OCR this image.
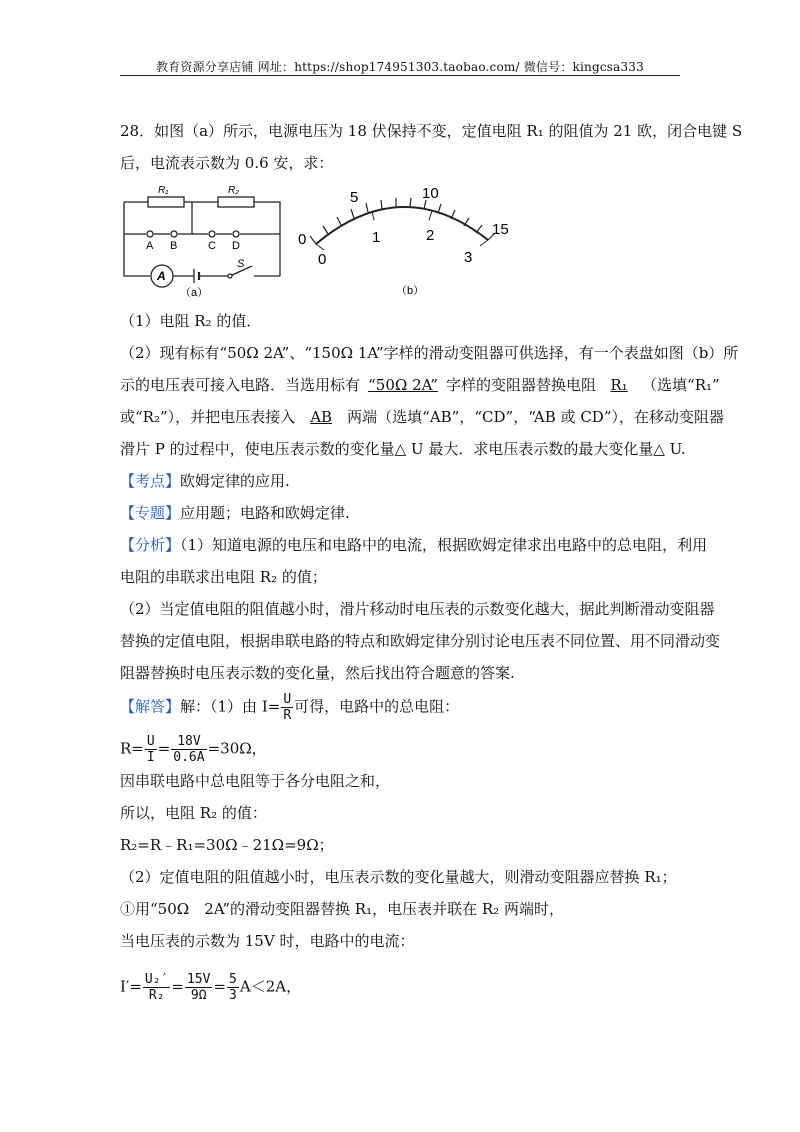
教育资源分享店铺 网址：https://shop174951303.taobao.com/ 微信号：kingcsa333
28．如图（a）所示，电源电压为 18 伏保持不变，定值电阻 R₁ 的阻值为 21 欧，闭合电键 S
后，电流表示数为 0.6 安，求：
R₁	R₂
A B	C D
A
S
（a）
0
5	10
15
0
1	2
3
（b）
（1）电阻 R₂ 的值．
（2）现有标有“50Ω 2A”、“150Ω 1A”字样的滑动变阻器可供选择，有一个表盘如图（b）所
示的电压表可接入电路．当选用标有 “50Ω 2A” 字样的变阻器替换电阻 R₁ （选填“R₁”
或“R₂”），并把电压表接入 AB 两端（选填“AB”，“CD”，“AB 或 CD”），在移动变阻器
滑片 P 的过程中，使电压表示数的变化量△ U 最大．求电压表示数的最大变化量△ U.
【考点】欧姆定律的应用.
【专题】应用题；电路和欧姆定律.
【分析】（1）知道电源的电压和电路中的电流，根据欧姆定律求出电路中的总电阻，利用
电阻的串联求出电阻 R₂ 的值；
（2）当定值电阻的阻值越小时，滑片移动时电压表的示数变化越大，据此判断滑动变阻器
替换的定值电阻，根据串联电路的特点和欧姆定律分别讨论电压表不同位置、用不同滑动变
阻器替换时电压表示数的变化量，然后找出符合题意的答案.
【解答】解：（1）由 $I= \frac{U}{R}$ 可得，电路中的总电阻：
$R= \frac{U}{I} = \frac{18V}{0.6A} =30\Omega$，
因串联电路中总电阻等于各分电阻之和，
所以，电阻 R₂ 的值：
R₂=R﹣R₁=30Ω﹣21Ω=9Ω；
（2）定值电阻的阻值越小时，电压表示数的变化量越大，则滑动变阻器应替换 R₁；
①用“50Ω　2A”的滑动变阻器替换 R₁，电压表并联在 R₂ 两端时，
当电压表的示数为 15V 时，电路中的电流：
$I'= \frac{\text{U₂′}}{\text{R₂}} = \frac{15V}{9\Omega} = \frac{5}{3} A<2A$，
